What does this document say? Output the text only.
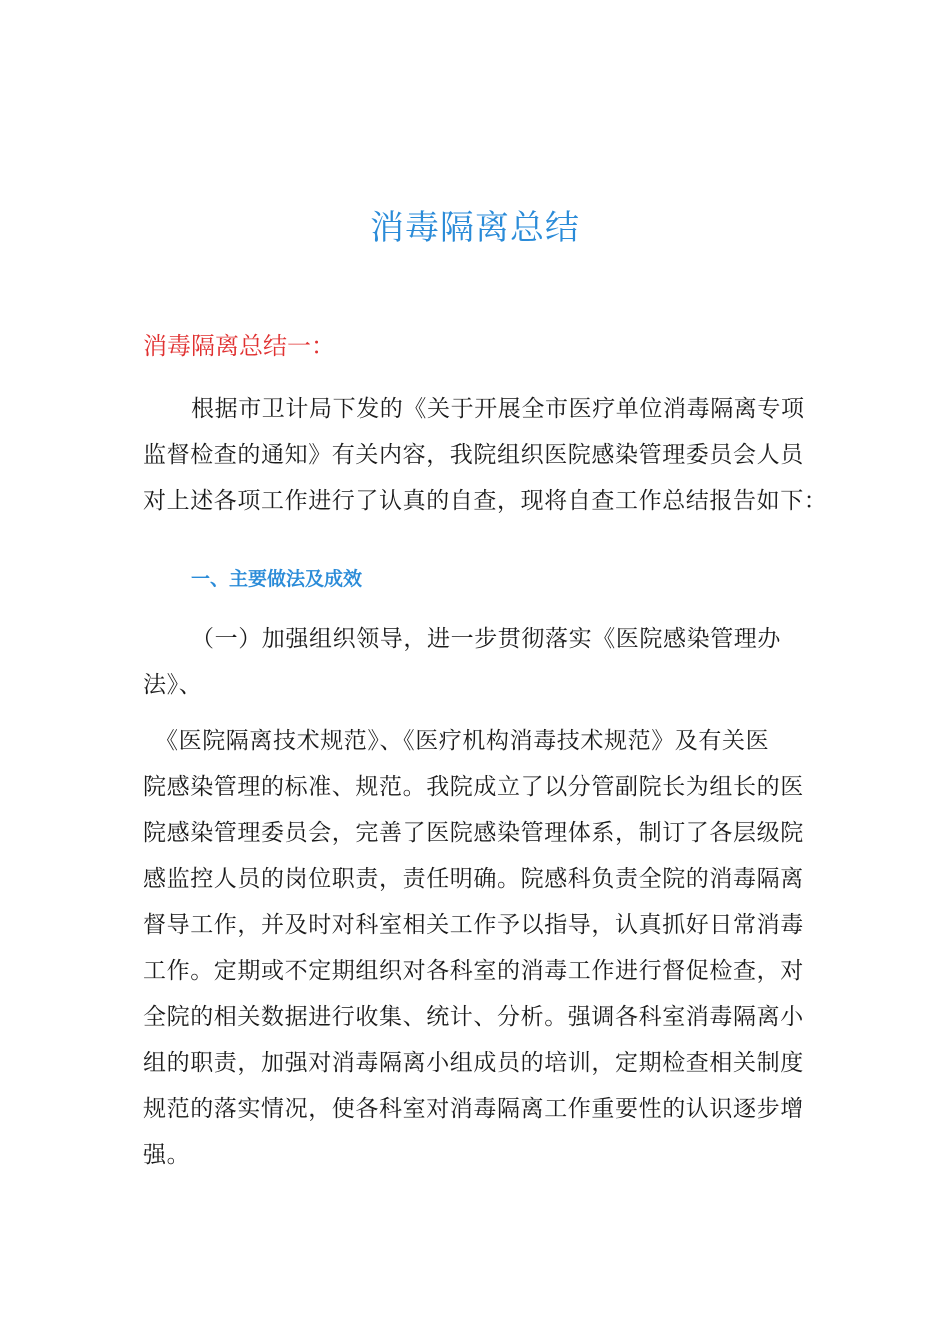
消毒隔离总结
消毒隔离总结一：
根据市卫计局下发的《关于开展全市医疗单位消毒隔离专项
监督检查的通知》有关内容，我院组织医院感染管理委员会人员
对上述各项工作进行了认真的自查，现将自查工作总结报告如下：
一、主要做法及成效
（一）加强组织领导，进一步贯彻落实《医院感染管理办
法》、
《医院隔离技术规范》、《医疗机构消毒技术规范》及有关医
院感染管理的标准、规范。我院成立了以分管副院长为组长的医
院感染管理委员会，完善了医院感染管理体系，制订了各层级院
感监控人员的岗位职责，责任明确。院感科负责全院的消毒隔离
督导工作，并及时对科室相关工作予以指导，认真抓好日常消毒
工作。定期或不定期组织对各科室的消毒工作进行督促检查，对
全院的相关数据进行收集、统计、分析。强调各科室消毒隔离小
组的职责，加强对消毒隔离小组成员的培训，定期检查相关制度
规范的落实情况，使各科室对消毒隔离工作重要性的认识逐步增
强。
